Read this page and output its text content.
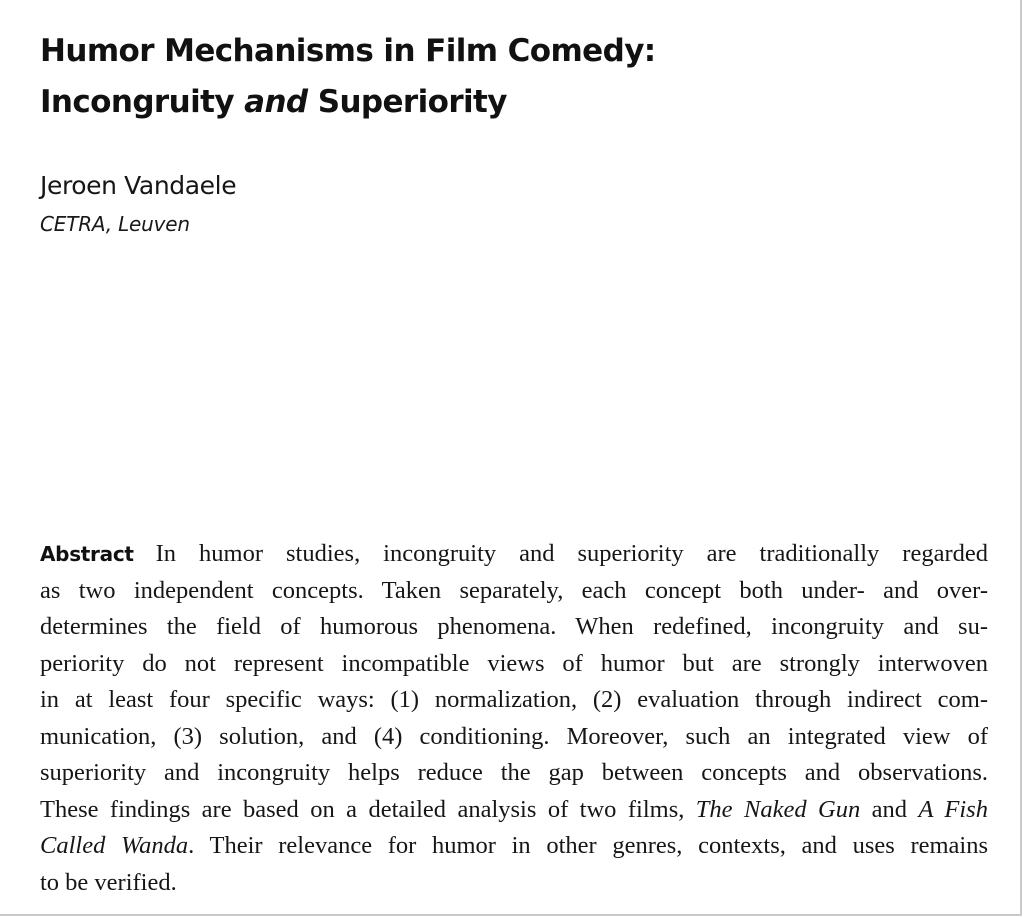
Humor Mechanisms in Film Comedy:
Incongruity and Superiority

Jeroen Vandaele

CETRA, Leuven

Abstract In humor studies, incongruity and superiority are traditionally regarded
as two independent concepts. Taken separately, each concept both under- and over-
determines the field of humorous phenomena. When redefined, incongruity and su-
periority do not represent incompatible views of humor but are strongly interwoven
in at least four specific ways: (1) normalization, (2) evaluation through indirect com-
munication, (3) solution, and (4) conditioning. Moreover, such an integrated view of
superiority and incongruity helps reduce the gap between concepts and observations.
These findings are based on a detailed analysis of two films, The Naked Gun and A Fish
Called Wanda. Their relevance for humor in other genres, contexts, and uses remains
to be verified.
